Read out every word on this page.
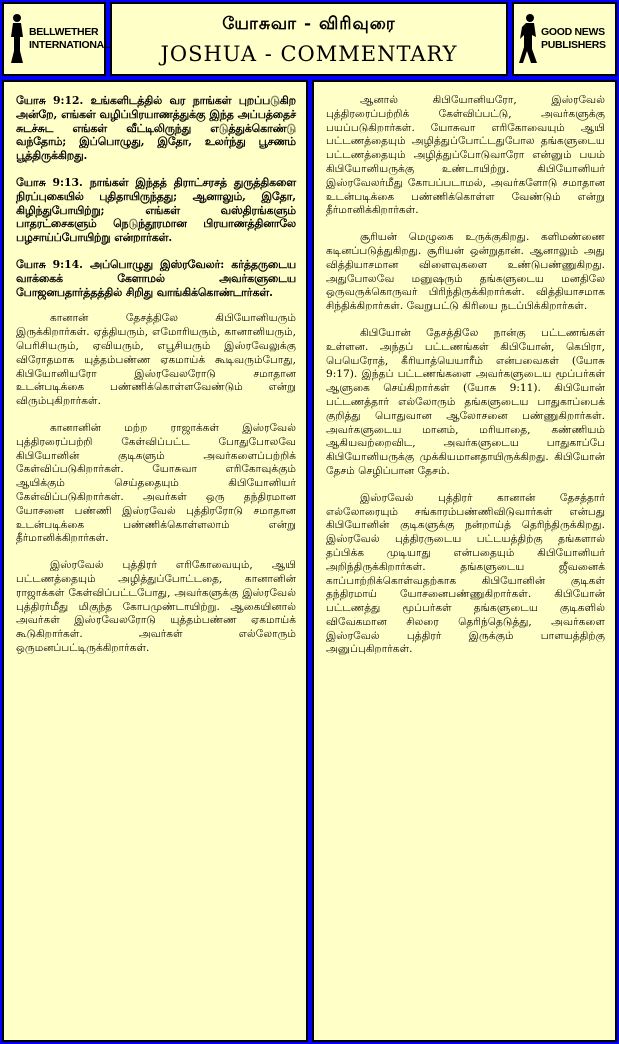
BELLWETHER
INTERNATIONAL
யோசுவா - விரிவுரை
JOSHUA - COMMENTARY
GOOD NEWS
PUBLISHERS

யோசு 9:12. உங்களிடத்தில் வர நாங்கள் புறப்படுகிற அன்றே, எங்கள் வழிப்பிரயாணத்துக்கு இந்த அப்பத்தைச் சுடச்சுட எங்கள் வீட்டிலிருந்து எடுத்துக்கொண்டு வந்தோம்; இப்பொழுது, இதோ, உலர்ந்து பூசணம் பூத்திருக்கிறது.

யோசு 9:13. நாங்கள் இந்தத் திராட்சரசத் துருத்திகளை நிரப்புகையில் புதிதாயிருந்தது; ஆனாலும், இதோ, கிழிந்துபோயிற்று; எங்கள் வஸ்திரங்களும் பாதரட்சைகளும் நெடுந்தூரமான பிரயாணத்தினாலே பழசாய்ப்போயிற்று என்றார்கள்.

யோசு 9:14. அப்பொழுது இஸ்ரவேலர்: கர்த்தருடைய வாக்கைக் கேளாமல் அவர்களுடைய போஜனபதார்த்தத்தில் சிறிது வாங்கிக்கொண்டார்கள்.

கானான் தேசத்திலே கிபியோனியரும் இருக்கிறார்கள். ஏத்தியரும், எமோரியரும், கானானியரும், பெரிசியரும், ஏவியரும், எபூசியரும் இஸ்ரவேலுக்கு விரோதமாக யுத்தம்பண்ண ஏகமாய்க் கூடிவரும்போது, கிபியோனியரோ இஸ்ரவேலரோடு சமாதான உடன்படிக்கை பண்ணிக்கொள்ளவேண்டும் என்று விரும்புகிறார்கள்.

கானானின் மற்ற ராஜாக்கள் இஸ்ரவேல் புத்திரரைப்பற்றி கேள்விப்பட்ட போதுபோலவே கிபியோனின் குடிகளும் அவர்களைப்பற்றிக் கேள்விப்படுகிறார்கள். யோசுவா எரிகோவுக்கும் ஆயிக்கும் செய்ததையும் கிபியோனியர் கேள்விப்படுகிறார்கள். அவர்கள் ஒரு தந்திரமான யோசனை பண்ணி இஸ்ரவேல் புத்திரரோடு சமாதான உடன்படிக்கை பண்ணிக்கொள்ளலாம் என்று தீர்மானிக்கிறார்கள்.

இஸ்ரவேல் புத்திரர் எரிகோவையும், ஆயி பட்டணத்தையும் அழித்துப்போட்டதை, கானானின் ராஜாக்கள் கேள்விப்பட்டபோது, அவர்களுக்கு இஸ்ரவேல் புத்திரர்மீது மிகுந்த கோபமுண்டாயிற்று. ஆகையினால் அவர்கள் இஸ்ரவேலரோடு யுத்தம்பண்ண ஏகமாய்க் கூடுகிறார்கள். அவர்கள் எல்லோரும் ஒருமனப்பட்டிருக்கிறார்கள்.

ஆனால் கிபியோனியரோ, இஸ்ரவேல் புத்திரரைப்பற்றிக் கேள்விப்பட்டு, அவர்களுக்கு பயப்படுகிறார்கள். யோசுவா எரிகோவையும் ஆயி பட்டணத்தையும் அழித்துப்போட்டதுபோல தங்களுடைய பட்டணத்தையும் அழித்துப்போடுவாரோ என்னும் பயம் கிபியோனியருக்கு உண்டாயிற்று. கிபியோனியர் இஸ்ரவேலர்மீது கோபப்படாமல், அவர்களோடு சமாதான உடன்படிக்கை பண்ணிக்கொள்ள வேண்டும் என்று தீர்மானிக்கிறார்கள்.

சூரியன் மெழுகை உருக்குகிறது. களிமண்ணை கடினப்படுத்துகிறது. சூரியன் ஒன்றுதான். ஆனாலும் அது வித்தியாசமான விளைவுகளை உண்டுபண்ணுகிறது. அதுபோலவே மனுஷரும் தங்களுடைய மனதிலே ஒருவருக்கொருவர் பிரிந்திருக்கிறார்கள். வித்தியாசமாக சிந்திக்கிறார்கள். வேறுபட்டு கிரியை நடப்பிக்கிறார்கள்.

கிபியோன் தேசத்திலே நான்கு பட்டணங்கள் உள்ளன. அந்தப் பட்டணங்கள் கிபியோன், கெபிரா, பெயெரோத், கீரியாத்யெயாரீம் என்பவைகள் (யோசு 9:17). இந்தப் பட்டணங்களை அவர்களுடைய மூப்பர்கள் ஆளுகை செய்கிறார்கள் (யோசு 9:11). கிபியோன் பட்டணத்தார் எல்லோரும் தங்களுடைய பாதுகாப்பைக் குறித்து பொதுவான ஆலோசனை பண்ணுகிறார்கள். அவர்களுடைய மானம், மரியாதை, கண்ணியம் ஆகியவற்றைவிட, அவர்களுடைய பாதுகாப்பே கிபியோனியருக்கு முக்கியமானதாயிருக்கிறது. கிபியோன் தேசம் செழிப்பான தேசம்.

இஸ்ரவேல் புத்திரர் கானான் தேசத்தார் எல்லோரையும் சங்காரம்பண்ணிவிடுவார்கள் என்பது கிபியோனின் குடிகளுக்கு நன்றாய்த் தெரிந்திருக்கிறது. இஸ்ரவேல் புத்திரருடைய பட்டயத்திற்கு தங்களால் தப்பிக்க முடியாது என்பதையும் கிபியோனியர் அறிந்திருக்கிறார்கள். தங்களுடைய ஜீவனைக் காப்பாற்றிக்கொள்வதற்காக கிபியோனின் குடிகள் தந்திரமாய் யோசனைபண்ணுகிறார்கள். கிபியோன் பட்டணத்து மூப்பர்கள் தங்களுடைய குடிகளில் விவேகமான சிலரை தெரிந்தெடுத்து, அவர்களை இஸ்ரவேல் புத்திரர் இருக்கும் பாளயத்திற்கு அனுப்புகிறார்கள்.
